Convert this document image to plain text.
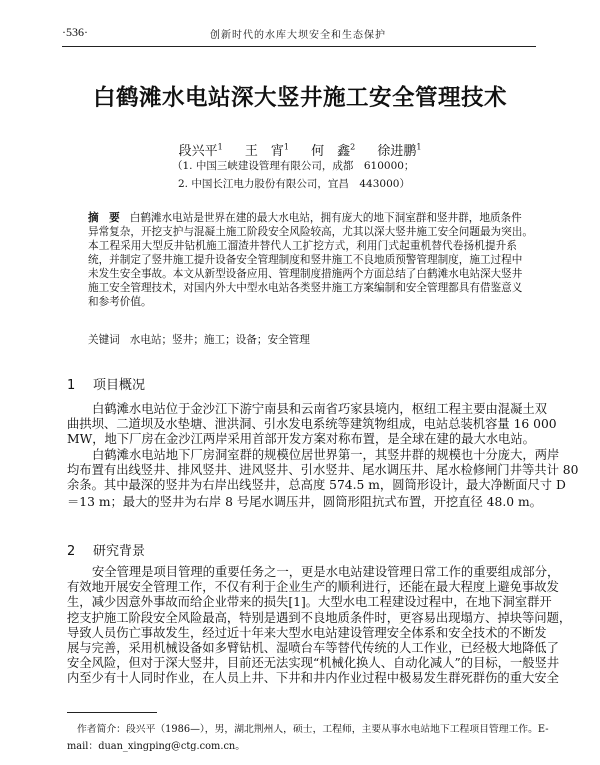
·536·	创新时代的水库大坝安全和生态保护
白鹤滩水电站深大竖井施工安全管理技术
段兴平$^1$ 王　宵$^1$ 何　鑫$^2$ 徐进鹏$^1$
（1. 中国三峡建设管理有限公司，成都　610000；
2. 中国长江电力股份有限公司，宜昌　443000）
摘　要 白鹤滩水电站是世界在建的最大水电站，拥有庞大的地下洞室群和竖井群，地质条件
异常复杂，开挖支护与混凝土施工阶段安全风险较高，尤其以深大竖井施工安全问题最为突出。
本工程采用大型反井钻机施工溜渣井替代人工扩挖方式，利用门式起重机替代卷扬机提升系
统，并制定了竖井施工提升设备安全管理制度和竖井施工不良地质预警管理制度，施工过程中
未发生安全事故。本文从新型设备应用、管理制度措施两个方面总结了白鹤滩水电站深大竖井
施工安全管理技术，对国内外大中型水电站各类竖井施工方案编制和安全管理都具有借鉴意义
和参考价值。
关键词 水电站；竖井；施工；设备；安全管理
1 项目概况
白鹤滩水电站位于金沙江下游宁南县和云南省巧家县境内，枢纽工程主要由混凝土双
曲拱坝、二道坝及水垫塘、泄洪洞、引水发电系统等建筑物组成，电站总装机容量 16 000
MW，地下厂房在金沙江两岸采用首部开发方案对称布置，是全球在建的最大水电站。
白鹤滩水电站地下厂房洞室群的规模位居世界第一，其竖井群的规模也十分庞大，两岸
均布置有出线竖井、排风竖井、进风竖井、引水竖井、尾水调压井、尾水检修闸门井等共计 80
余条。其中最深的竖井为右岸出线竖井，总高度 574.5 m，圆筒形设计，最大净断面尺寸 D
＝13 m；最大的竖井为右岸 8 号尾水调压井，圆筒形阻抗式布置，开挖直径 48.0 m。
2 研究背景
安全管理是项目管理的重要任务之一，更是水电站建设管理日常工作的重要组成部分，
有效地开展安全管理工作，不仅有利于企业生产的顺利进行，还能在最大程度上避免事故发
生，减少因意外事故而给企业带来的损失[1]。大型水电工程建设过程中，在地下洞室群开
挖支护施工阶段安全风险最高，特别是遇到不良地质条件时，更容易出现塌方、掉块等问题，
导致人员伤亡事故发生，经过近十年来大型水电站建设管理安全体系和安全技术的不断发
展与完善，采用机械设备如多臂钻机、湿喷台车等替代传统的人工作业，已经极大地降低了
安全风险，但对于深大竖井，目前还无法实现“机械化换人、自动化减人”的目标，一般竖井
内至少有十人同时作业，在人员上井、下井和井内作业过程中极易发生群死群伤的重大安全
作者简介：段兴平（1986—），男，湖北荆州人，硕士，工程师，主要从事水电站地下工程项目管理工作。E-
mail：duan_xingping@ctg.com.cn。
